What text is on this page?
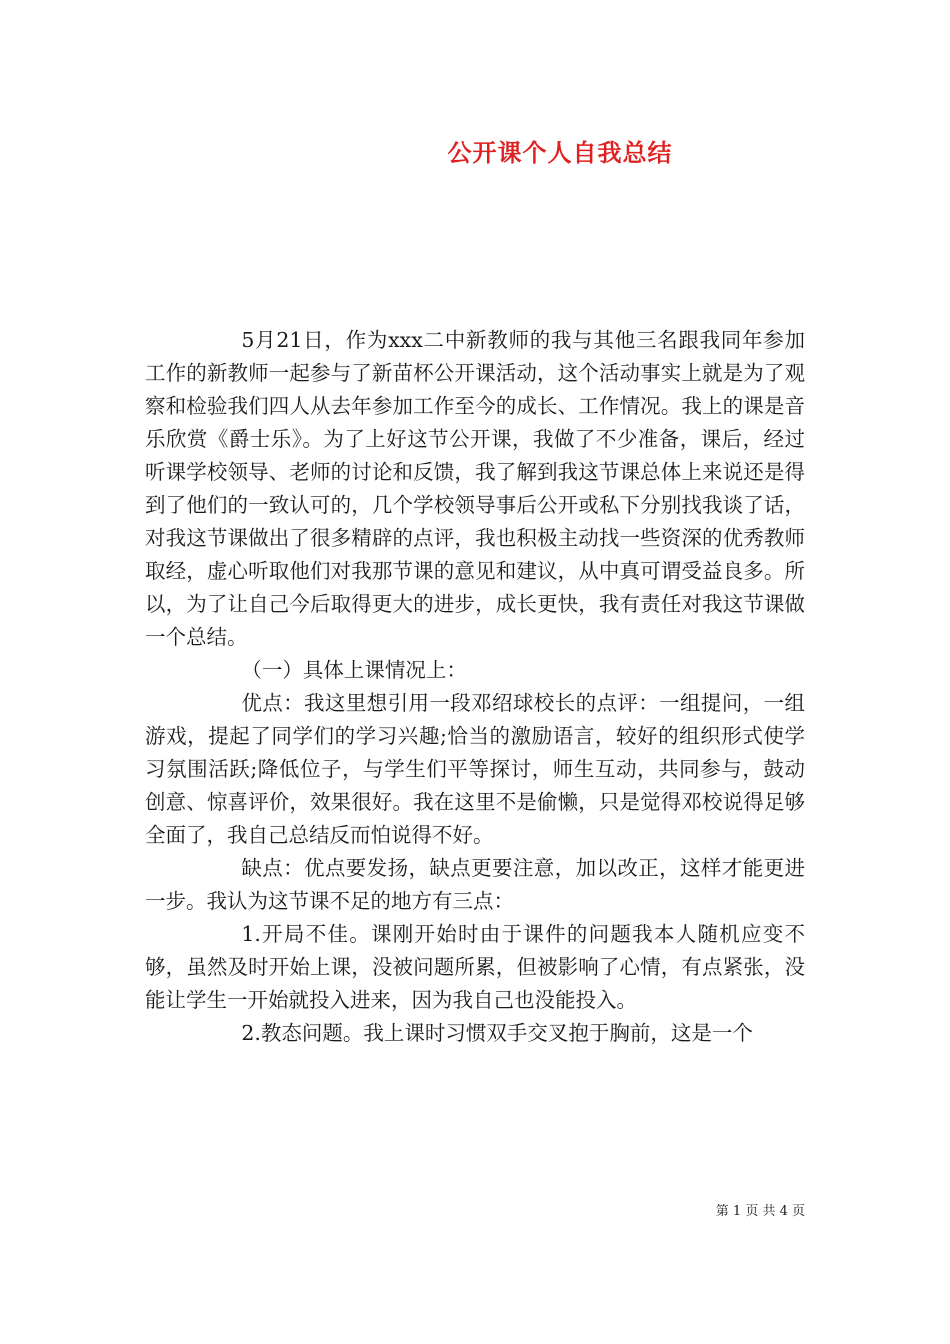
公开课个人自我总结

5月21日，作为xxx二中新教师的我与其他三名跟我同年参加工作的新教师一起参与了新苗杯公开课活动，这个活动事实上就是为了观察和检验我们四人从去年参加工作至今的成长、工作情况。我上的课是音乐欣赏《爵士乐》。为了上好这节公开课，我做了不少准备，课后，经过听课学校领导、老师的讨论和反馈，我了解到我这节课总体上来说还是得到了他们的一致认可的，几个学校领导事后公开或私下分别找我谈了话，对我这节课做出了很多精辟的点评，我也积极主动找一些资深的优秀教师取经，虚心听取他们对我那节课的意见和建议，从中真可谓受益良多。所以，为了让自己今后取得更大的进步，成长更快，我有责任对我这节课做一个总结。

（一）具体上课情况上：

优点：我这里想引用一段邓绍球校长的点评：一组提问，一组游戏，提起了同学们的学习兴趣;恰当的激励语言，较好的组织形式使学习氛围活跃;降低位子，与学生们平等探讨，师生互动，共同参与，鼓动创意、惊喜评价，效果很好。我在这里不是偷懒，只是觉得邓校说得足够全面了，我自己总结反而怕说得不好。

缺点：优点要发扬，缺点更要注意，加以改正，这样才能更进一步。我认为这节课不足的地方有三点：

1.开局不佳。课刚开始时由于课件的问题我本人随机应变不够，虽然及时开始上课，没被问题所累，但被影响了心情，有点紧张，没能让学生一开始就投入进来，因为我自己也没能投入。

2.教态问题。我上课时习惯双手交叉抱于胸前，这是一个

第 1 页 共 4 页
